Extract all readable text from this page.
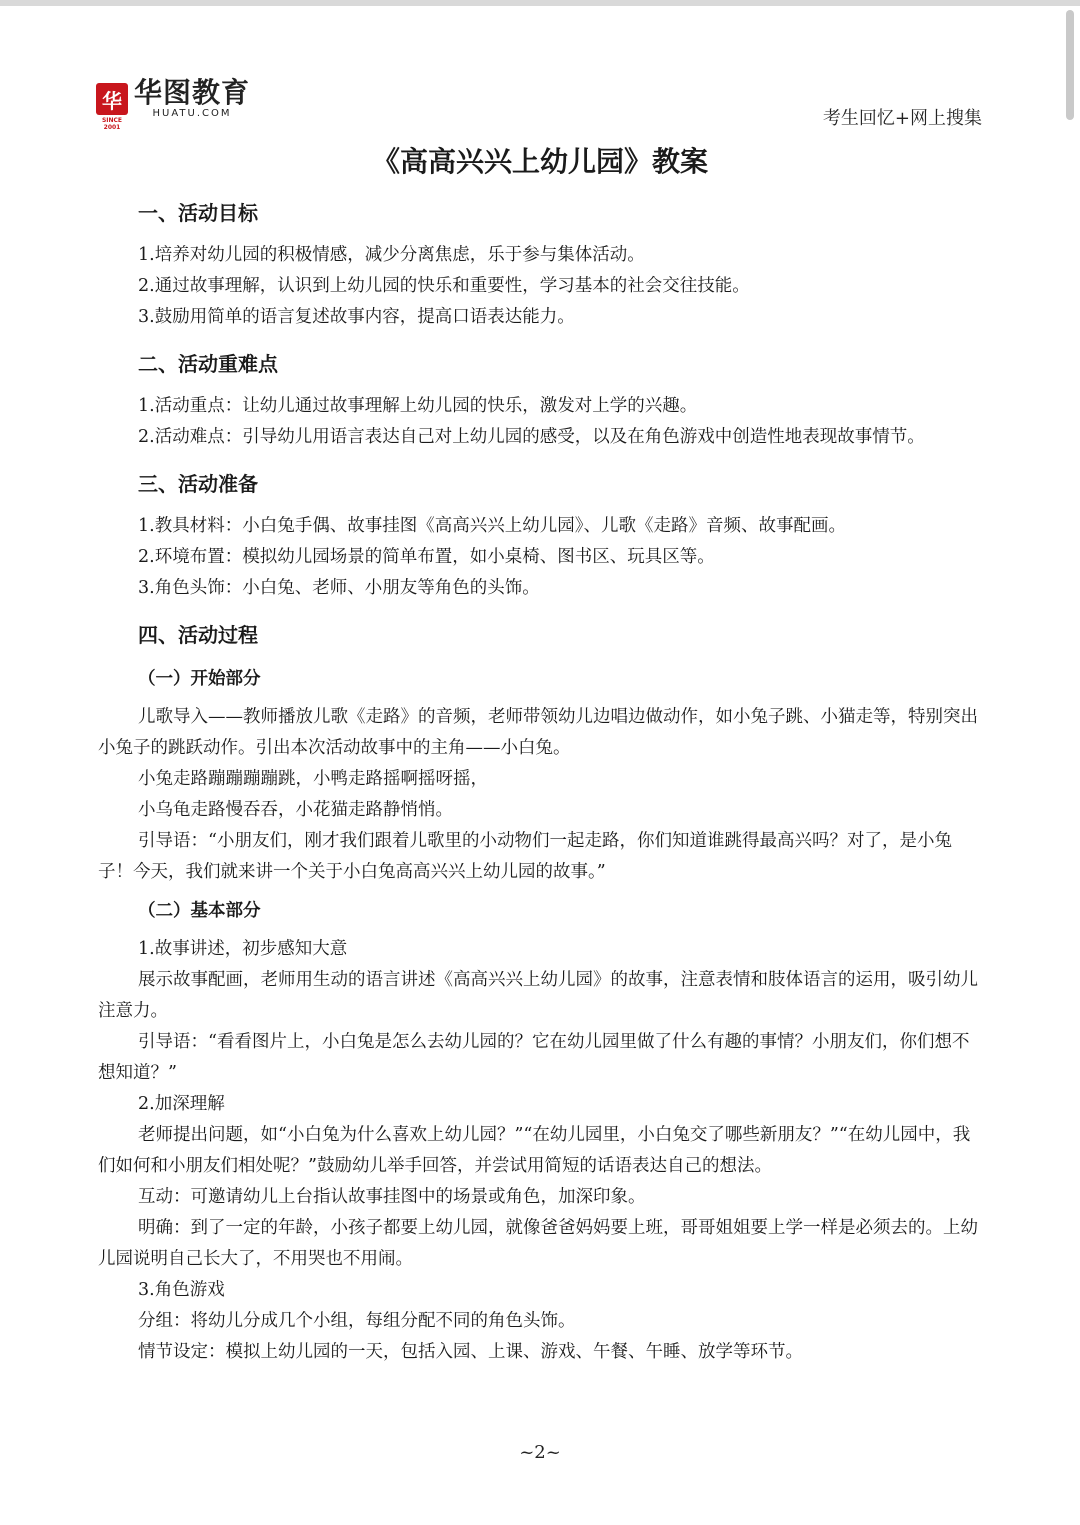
华
SINCE 2001
华图教育
HUATU.COM	考生回忆+网上搜集
《高高兴兴上幼儿园》教案
一、活动目标

1.培养对幼儿园的积极情感，减少分离焦虑，乐于参与集体活动。

2.通过故事理解，认识到上幼儿园的快乐和重要性，学习基本的社会交往技能。

3.鼓励用简单的语言复述故事内容，提高口语表达能力。

二、活动重难点

1.活动重点：让幼儿通过故事理解上幼儿园的快乐，激发对上学的兴趣。

2.活动难点：引导幼儿用语言表达自己对上幼儿园的感受，以及在角色游戏中创造性地表现故事情节。

三、活动准备

1.教具材料：小白兔手偶、故事挂图《高高兴兴上幼儿园》、儿歌《走路》音频、故事配画。

2.环境布置：模拟幼儿园场景的简单布置，如小桌椅、图书区、玩具区等。

3.角色头饰：小白兔、老师、小朋友等角色的头饰。

四、活动过程
（一）开始部分

儿歌导入——教师播放儿歌《走路》的音频，老师带领幼儿边唱边做动作，如小兔子跳、小猫走等，特别突出小兔子的跳跃动作。引出本次活动故事中的主角——小白兔。

小兔走路蹦蹦蹦蹦跳，小鸭走路摇啊摇呀摇，

小乌龟走路慢吞吞，小花猫走路静悄悄。

引导语：“小朋友们，刚才我们跟着儿歌里的小动物们一起走路，你们知道谁跳得最高兴吗？对了，是小兔子！今天，我们就来讲一个关于小白兔高高兴兴上幼儿园的故事。”

（二）基本部分

1.故事讲述，初步感知大意

展示故事配画，老师用生动的语言讲述《高高兴兴上幼儿园》的故事，注意表情和肢体语言的运用，吸引幼儿注意力。

引导语：“看看图片上，小白兔是怎么去幼儿园的？它在幼儿园里做了什么有趣的事情？小朋友们，你们想不想知道？”

2.加深理解

老师提出问题，如“小白兔为什么喜欢上幼儿园？”“在幼儿园里，小白兔交了哪些新朋友？”“在幼儿园中，我们如何和小朋友们相处呢？”鼓励幼儿举手回答，并尝试用简短的话语表达自己的想法。

互动：可邀请幼儿上台指认故事挂图中的场景或角色，加深印象。

明确：到了一定的年龄，小孩子都要上幼儿园，就像爸爸妈妈要上班，哥哥姐姐要上学一样是必须去的。上幼儿园说明自己长大了，不用哭也不用闹。

3.角色游戏

分组：将幼儿分成几个小组，每组分配不同的角色头饰。

情节设定：模拟上幼儿园的一天，包括入园、上课、游戏、午餐、午睡、放学等环节。

~2~
